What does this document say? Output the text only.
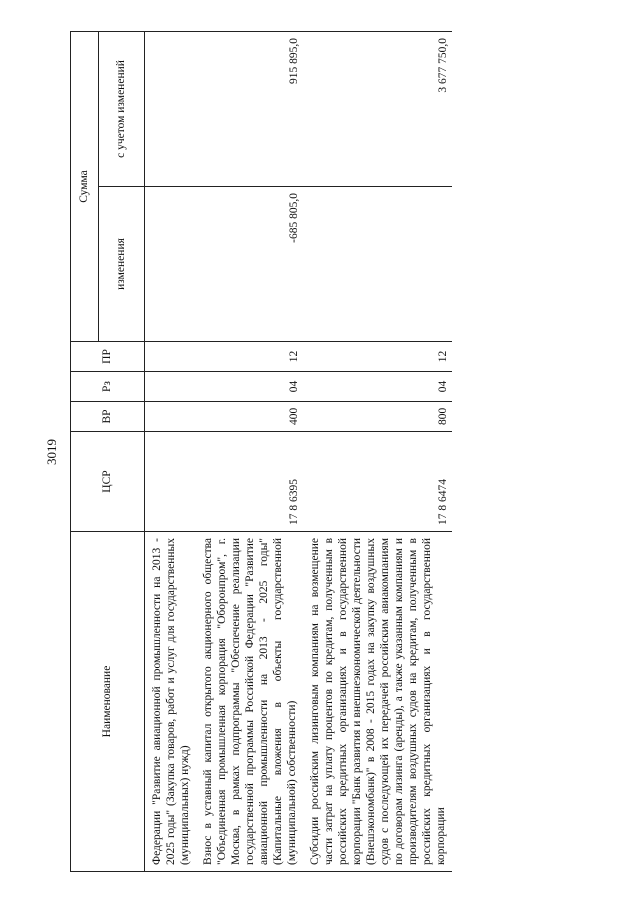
3019
Наименование	ЦСР	ВР	Рз	ПР	Сумма	
					изменения	с учетом изменений
Федерации "Развитие авиационной промышленности на 2013 - 2025 годы" (Закупка товаров, работ и услуг для государственных (муниципальных) нужд)						
Взнос в уставный капитал открытого акционерного общества "Объединенная промышленная корпорация "Оборонпром", г. Москва, в рамках подпрограммы "Обеспечение реализации государственной программы Российской Федерации "Развитие авиационной промышленности на 2013 - 2025 годы" (Капитальные вложения в объекты государственной (муниципальной) собственности)	17 8 6395	400	04	12	-685 805,0	915 895,0
Субсидии российским лизинговым компаниям на возмещение части затрат на уплату процентов по кредитам, полученным в российских кредитных организациях и в государственной корпорации "Банк развития и внешнеэкономической деятельности (Внешэкономбанк)" в 2008 - 2015 годах на закупку воздушных судов с последующей их передачей российским авиакомпаниям по договорам лизинга (аренды), а также указанным компаниям и производителям воздушных судов на кредитам, полученным в российских кредитных организациях и в государственной корпорации	17 8 6474	800	04	12		3 677 750,0
